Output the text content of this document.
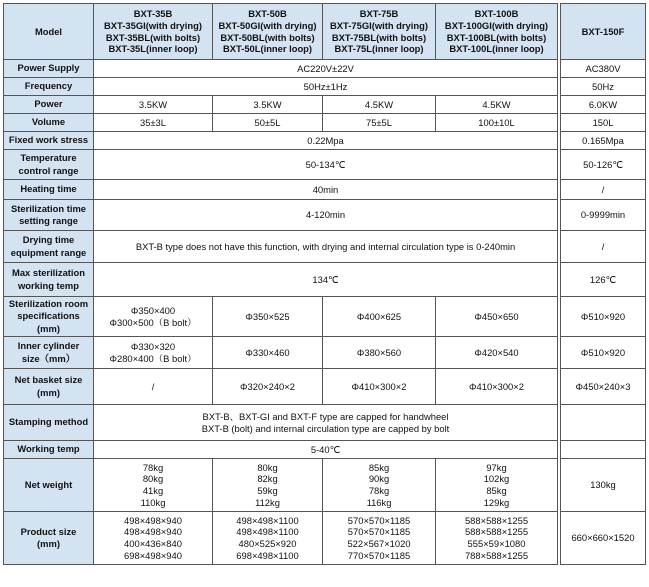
Model	BXT-35B
BXT-35GI(with drying)
BXT-35BL(with bolts)
BXT-35L(inner loop)	BXT-50B
BXT-50GI(with drying)
BXT-50BL(with bolts)
BXT-50L(inner loop)	BXT-75B
BXT-75GI(with drying)
BXT-75BL(with bolts)
BXT-75L(inner loop)	BXT-100B
BXT-100GI(with drying)
BXT-100BL(with bolts)
BXT-100L(inner loop)		BXT-150F
Power Supply	AC220V±22V					AC380V
Frequency	50Hz±1Hz					50Hz
Power	3.5KW	3.5KW	4.5KW	4.5KW		6.0KW
Volume	35±3L	50±5L	75±5L	100±10L		150L
Fixed work stress	0.22Mpa					0.165Mpa

Temperature
control range	50-134℃					50-126℃
Heating time	40min					/

Sterilization time
setting range	4-120min					0-9999min

Drying time
equipment range	BXT-B type does not have this function, with drying and internal circulation type is 0-240min					/

Max sterilization
working temp	134℃					126℃

Sterilization room
specifications
(mm)	Φ350×400
Φ300×500（B bolt）	Φ350×525	Φ400×625	Φ450×650		Φ510×920

Inner cylinder
size（mm）	Φ330×320
Φ280×400（B bolt）	Φ330×460	Φ380×560	Φ420×540		Φ510×920

Net basket size
(mm)	/	Φ320×240×2	Φ410×300×2	Φ410×300×2		Φ450×240×3
Stamping method	BXT-B、BXT-GI and BXT-F type are capped for handwheel
BXT-B (bolt) and internal circulation type are capped by bolt					

Working temp	5-40℃					
Net weight	78kg
80kg
41kg
110kg	80kg
82kg
59kg
112kg	85kg
90kg
78kg
116kg	97kg
102kg
85kg
129kg		130kg

Product size
(mm)	498×498×940
498×498×940
400×436×840
698×498×940	498×498×1100
498×498×1100
480×525×920
698×498×1100	570×570×1185
570×570×1185
522×567×1020
770×570×1185	588×588×1255
588×588×1255
555×59×1080
788×588×1255		660×660×1520
